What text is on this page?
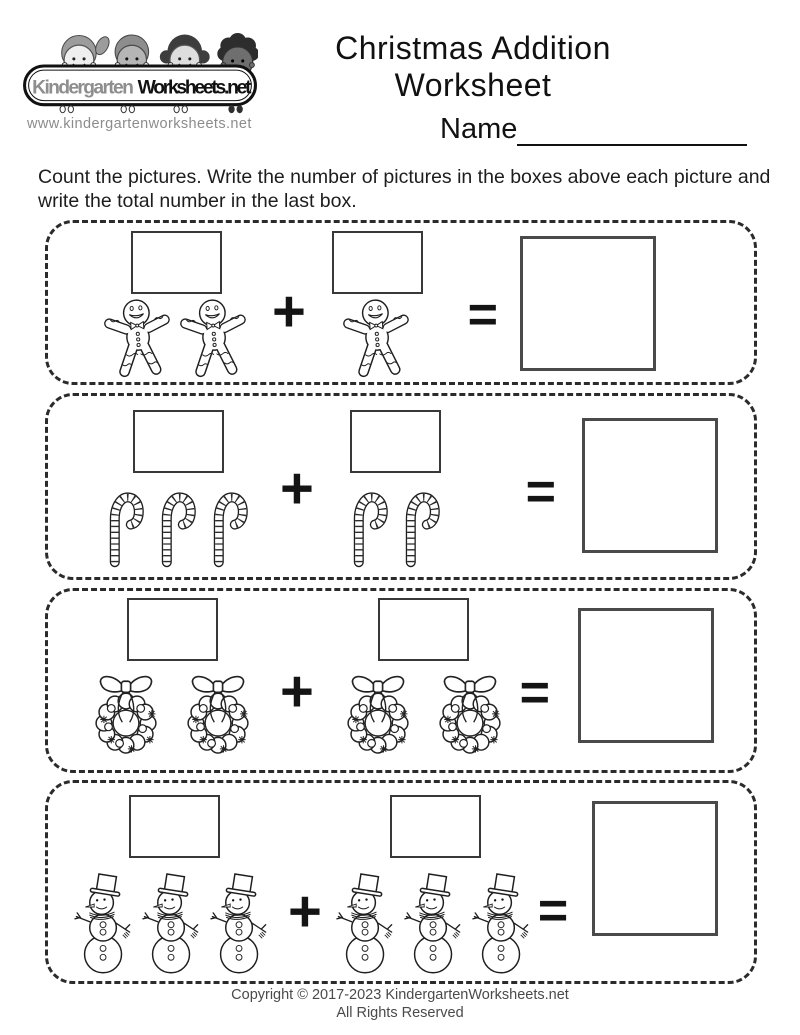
Kindergarten Worksheets.net
www.kindergartenworksheets.net
Christmas Addition Worksheet
Name

Count the pictures. Write the number of pictures in the boxes above each picture and write the total number in the last box.

+	=
+	=
+	=
+	=
Copyright © 2017-2023 KindergartenWorksheets.net
All Rights Reserved
